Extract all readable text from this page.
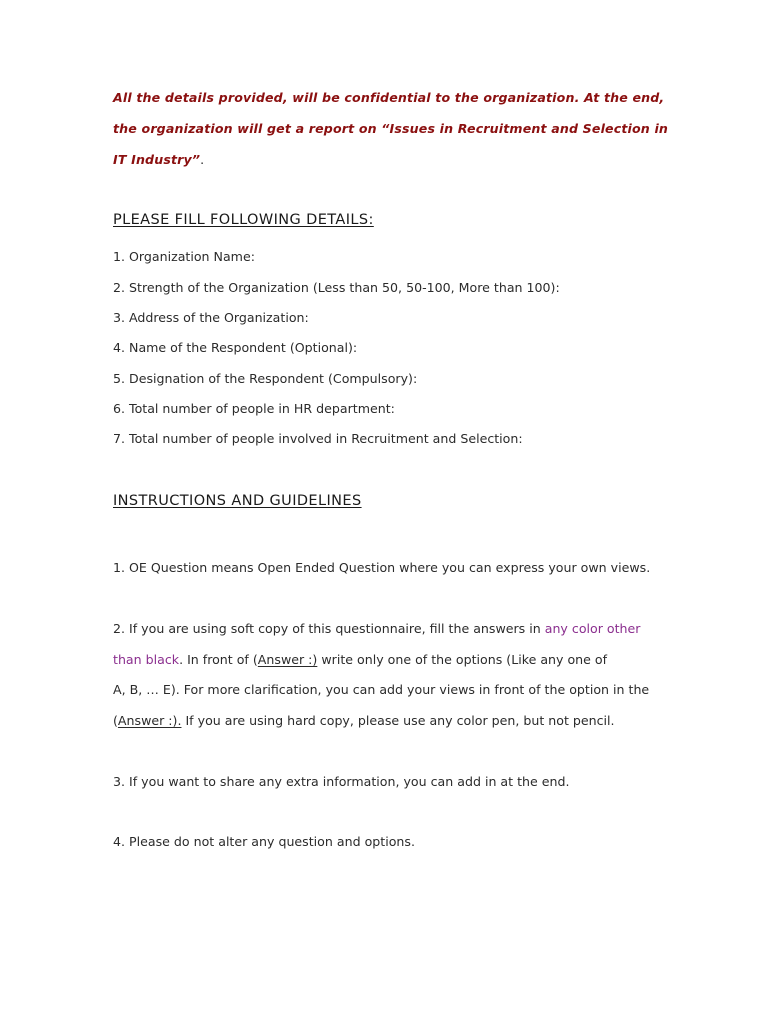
All the details provided, will be confidential to the organization. At the end,
the organization will get a report on “Issues in Recruitment and Selection in
IT Industry”.
PLEASE FILL FOLLOWING DETAILS:
1. Organization Name:
2. Strength of the Organization (Less than 50, 50-100, More than 100):
3. Address of the Organization:
4. Name of the Respondent (Optional):
5. Designation of the Respondent (Compulsory):
6. Total number of people in HR department:
7. Total number of people involved in Recruitment and Selection:
INSTRUCTIONS AND GUIDELINES
1. OE Question means Open Ended Question where you can express your own views.
2. If you are using soft copy of this questionnaire, fill the answers in any color other
than black. In front of (Answer :) write only one of the options (Like any one of
A, B, … E). For more clarification, you can add your views in front of the option in the
(Answer :). If you are using hard copy, please use any color pen, but not pencil.
3. If you want to share any extra information, you can add in at the end.
4. Please do not alter any question and options.
